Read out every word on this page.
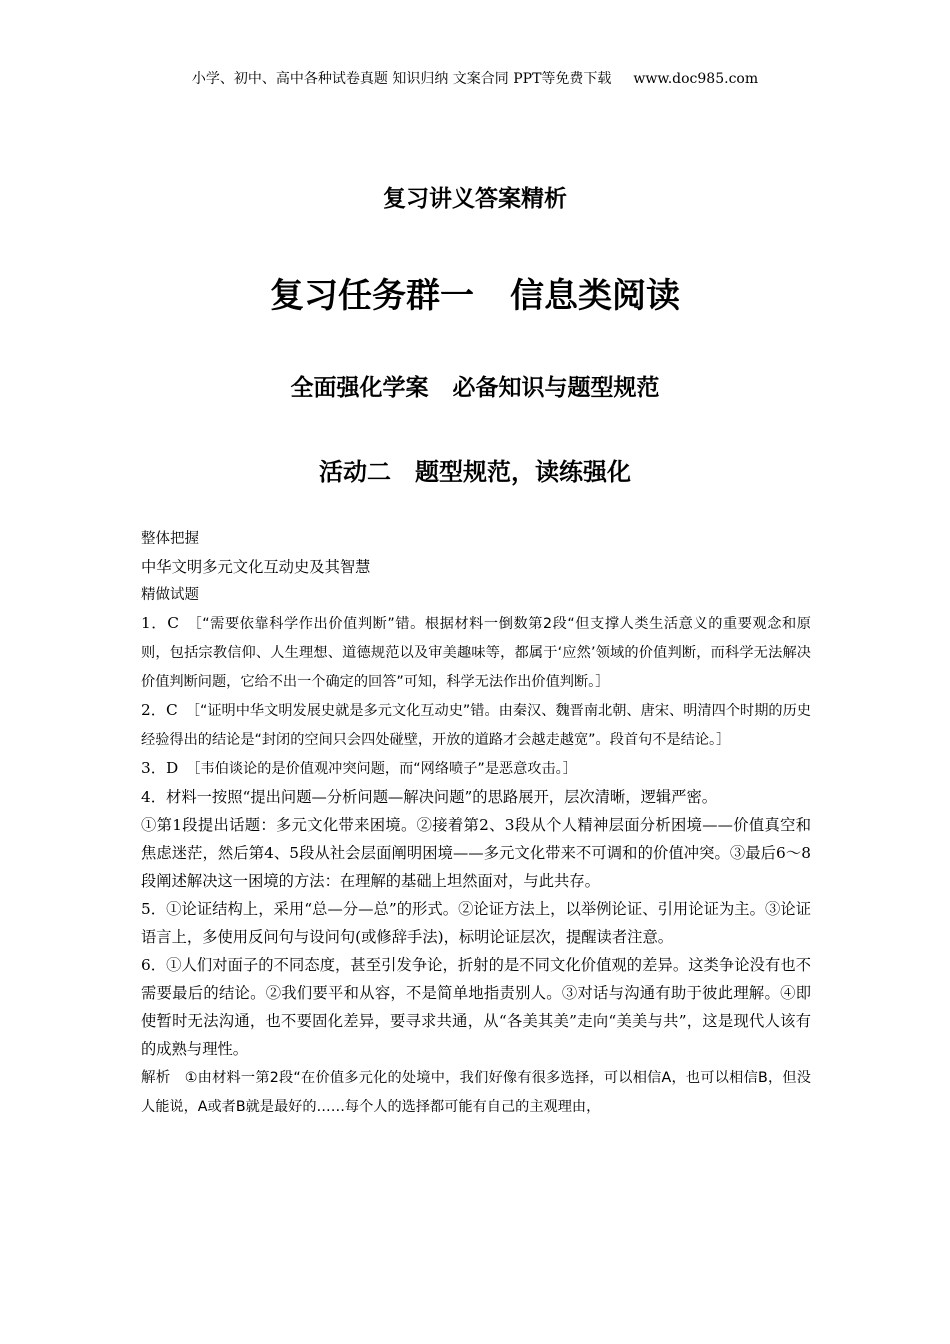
小学、初中、高中各种试卷真题 知识归纳 文案合同 PPT等免费下载 www.doc985.com
复习讲义答案精析
复习任务群一 信息类阅读
全面强化学案 必备知识与题型规范
活动二 题型规范，读练强化

整体把握

中华文明多元文化互动史及其智慧

精做试题

1．C ［“需要依靠科学作出价值判断”错。根据材料一倒数第2段“但支撑人类生活意义的重要观念和原则，包括宗教信仰、人生理想、道德规范以及审美趣味等，都属于‘应然’领域的价值判断，而科学无法解决价值判断问题，它给不出一个确定的回答”可知，科学无法作出价值判断。］

2．C ［“证明中华文明发展史就是多元文化互动史”错。由秦汉、魏晋南北朝、唐宋、明清四个时期的历史经验得出的结论是“封闭的空间只会四处碰壁，开放的道路才会越走越宽”。段首句不是结论。］

3．D ［韦伯谈论的是价值观冲突问题，而“网络喷子”是恶意攻击。］

4．材料一按照“提出问题—分析问题—解决问题”的思路展开，层次清晰，逻辑严密。

①第1段提出话题：多元文化带来困境。②接着第2、3段从个人精神层面分析困境——价值真空和焦虑迷茫，然后第4、5段从社会层面阐明困境——多元文化带来不可调和的价值冲突。③最后6～8段阐述解决这一困境的方法：在理解的基础上坦然面对，与此共存。

5．①论证结构上，采用“总—分—总”的形式。②论证方法上，以举例论证、引用论证为主。③论证语言上，多使用反问句与设问句(或修辞手法)，标明论证层次，提醒读者注意。

6．①人们对面子的不同态度，甚至引发争论，折射的是不同文化价值观的差异。这类争论没有也不需要最后的结论。②我们要平和从容，不是简单地指责别人。③对话与沟通有助于彼此理解。④即使暂时无法沟通，也不要固化差异，要寻求共通，从“各美其美”走向“美美与共”，这是现代人该有的成熟与理性。

解析 ①由材料一第2段“在价值多元化的处境中，我们好像有很多选择，可以相信A，也可以相信B，但没人能说，A或者B就是最好的……每个人的选择都可能有自己的主观理由，
